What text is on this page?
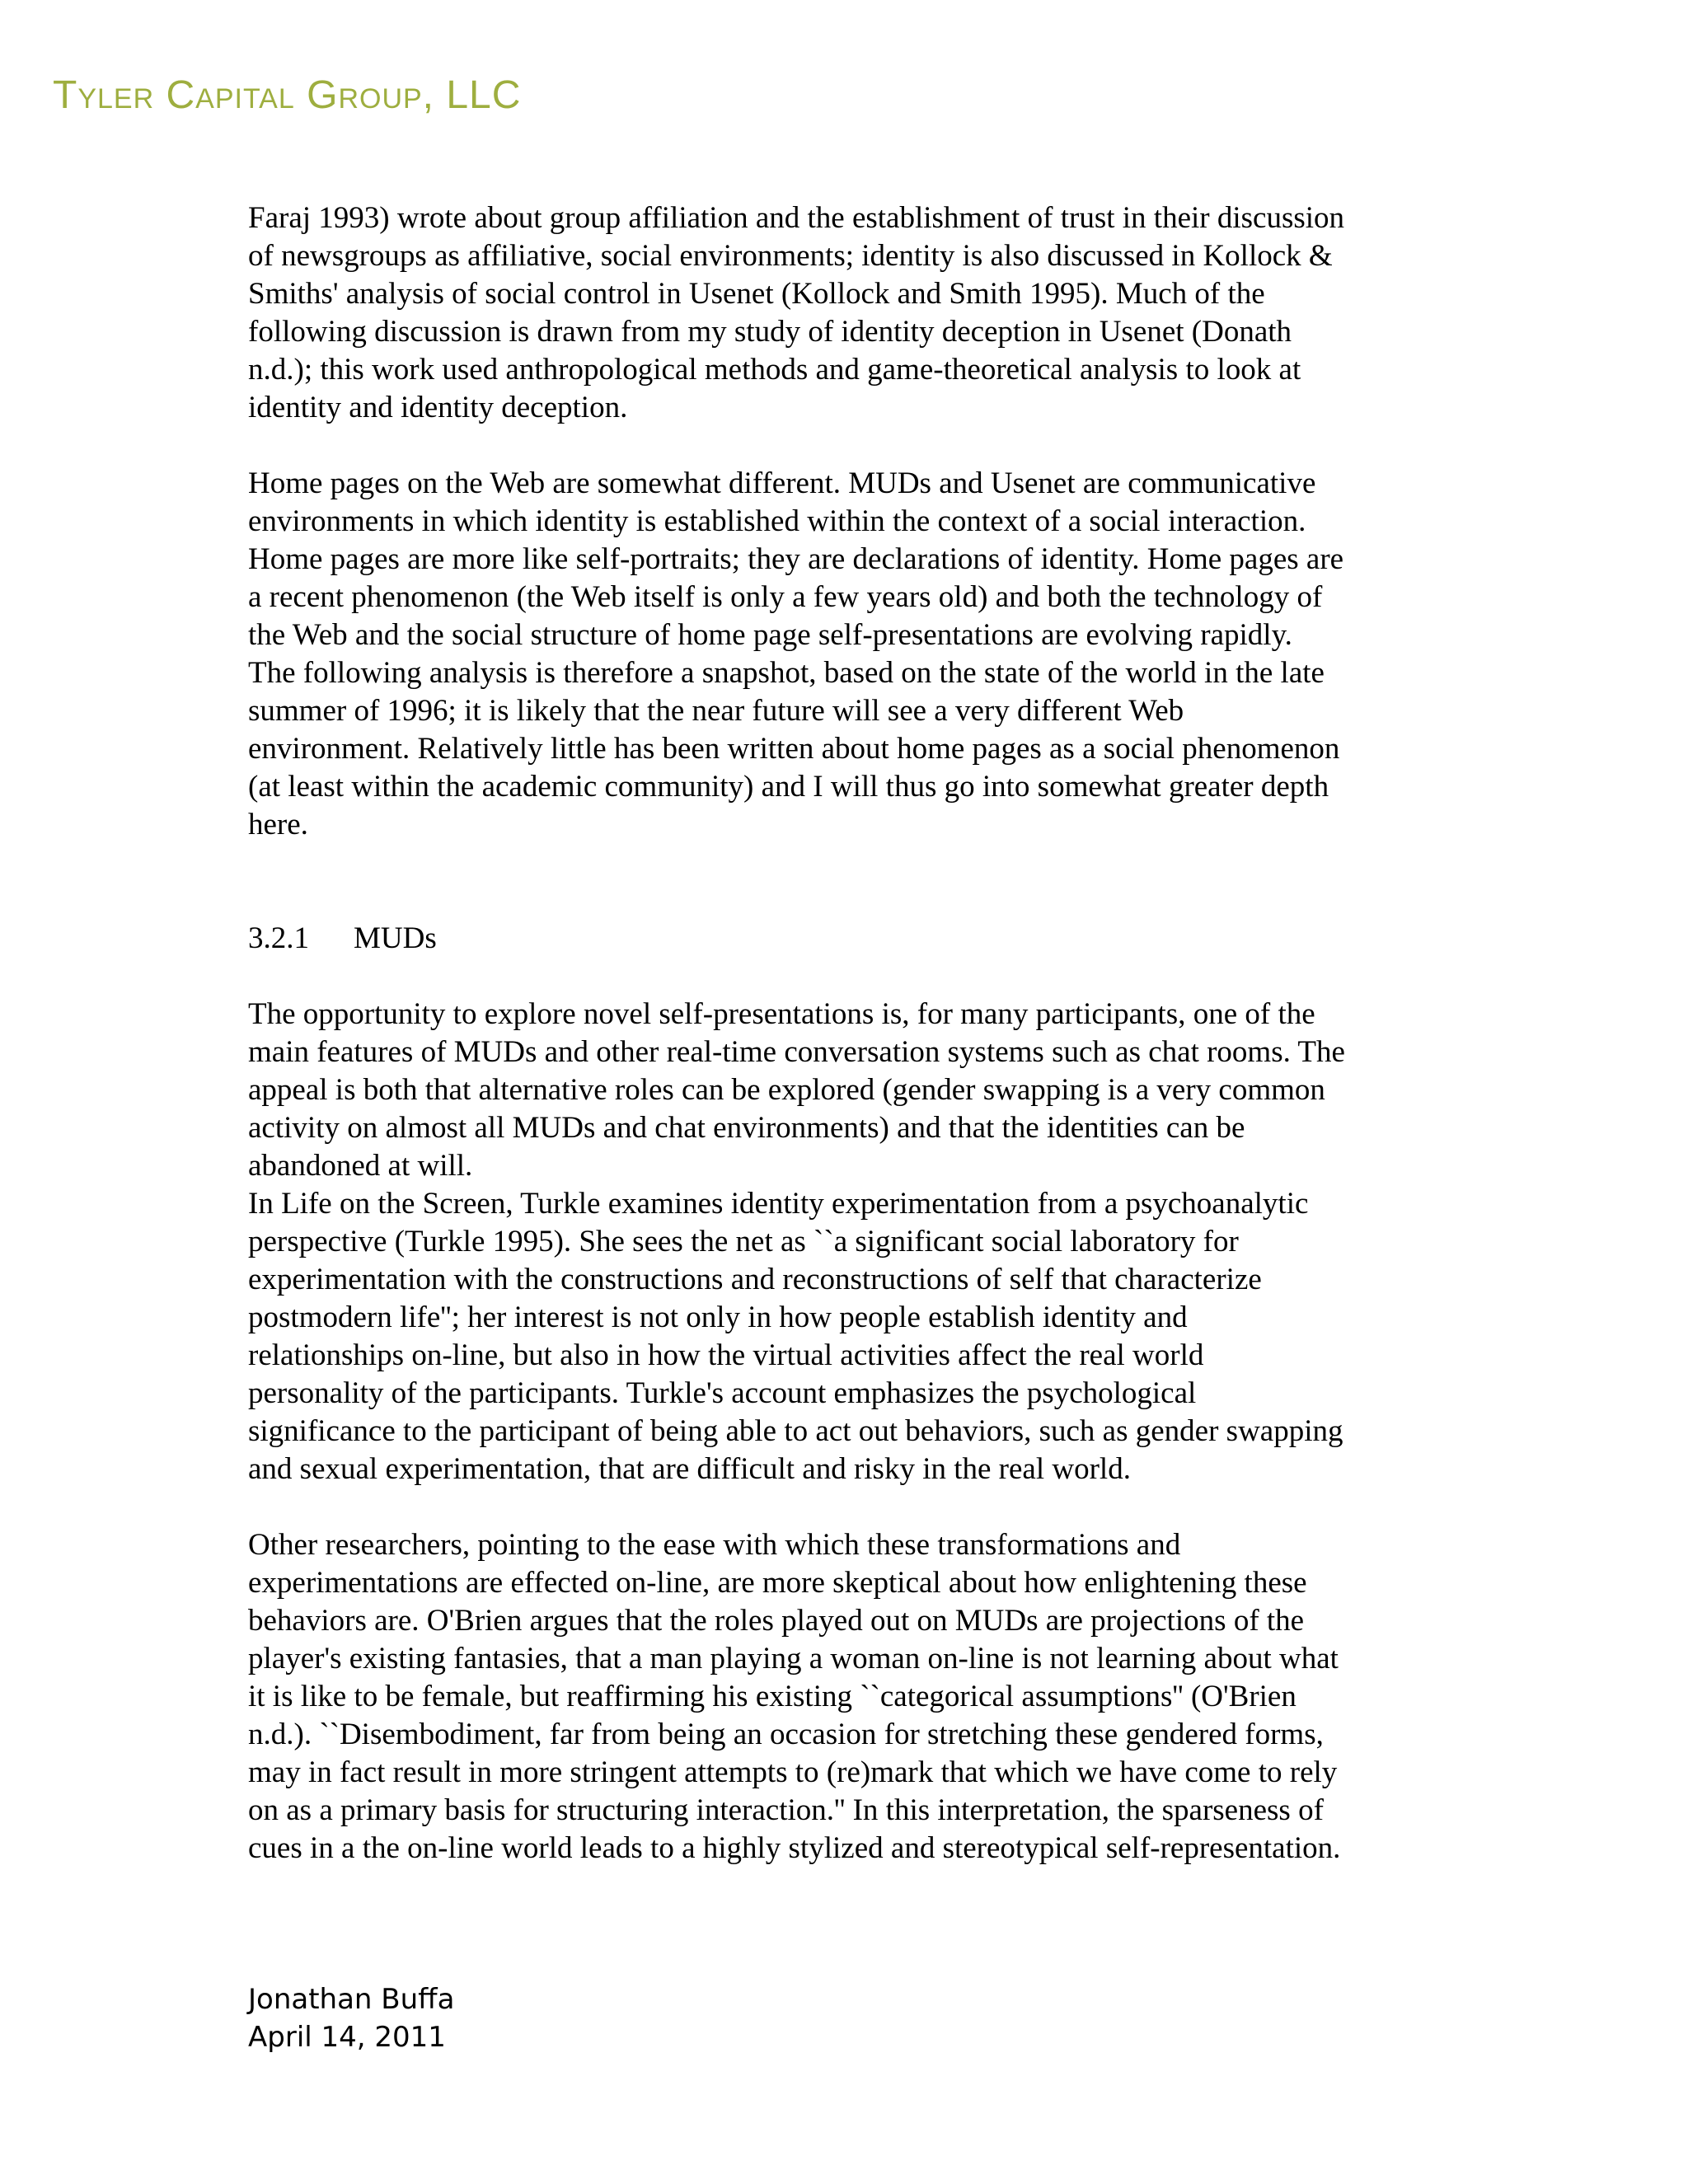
Tyler Capital Group, LLC

Faraj 1993) wrote about group affiliation and the establishment of trust in their discussion
of newsgroups as affiliative, social environments; identity is also discussed in Kollock &
Smiths' analysis of social control in Usenet (Kollock and Smith 1995). Much of the
following discussion is drawn from my study of identity deception in Usenet (Donath
n.d.); this work used anthropological methods and game-theoretical analysis to look at
identity and identity deception.

Home pages on the Web are somewhat different. MUDs and Usenet are communicative
environments in which identity is established within the context of a social interaction.
Home pages are more like self-portraits; they are declarations of identity. Home pages are
a recent phenomenon (the Web itself is only a few years old) and both the technology of
the Web and the social structure of home page self-presentations are evolving rapidly.
The following analysis is therefore a snapshot, based on the state of the world in the late
summer of 1996; it is likely that the near future will see a very different Web
environment. Relatively little has been written about home pages as a social phenomenon
(at least within the academic community) and I will thus go into somewhat greater depth
here.

3.2.1 MUDs

The opportunity to explore novel self-presentations is, for many participants, one of the
main features of MUDs and other real-time conversation systems such as chat rooms. The
appeal is both that alternative roles can be explored (gender swapping is a very common
activity on almost all MUDs and chat environments) and that the identities can be
abandoned at will.

In Life on the Screen, Turkle examines identity experimentation from a psychoanalytic
perspective (Turkle 1995). She sees the net as ``a significant social laboratory for
experimentation with the constructions and reconstructions of self that characterize
postmodern life''; her interest is not only in how people establish identity and
relationships on-line, but also in how the virtual activities affect the real world
personality of the participants. Turkle's account emphasizes the psychological
significance to the participant of being able to act out behaviors, such as gender swapping
and sexual experimentation, that are difficult and risky in the real world.

Other researchers, pointing to the ease with which these transformations and
experimentations are effected on-line, are more skeptical about how enlightening these
behaviors are. O'Brien argues that the roles played out on MUDs are projections of the
player's existing fantasies, that a man playing a woman on-line is not learning about what
it is like to be female, but reaffirming his existing ``categorical assumptions'' (O'Brien
n.d.). ``Disembodiment, far from being an occasion for stretching these gendered forms,
may in fact result in more stringent attempts to (re)mark that which we have come to rely
on as a primary basis for structuring interaction.'' In this interpretation, the sparseness of
cues in a the on-line world leads to a highly stylized and stereotypical self-representation.

Jonathan Buffa

April 14, 2011
